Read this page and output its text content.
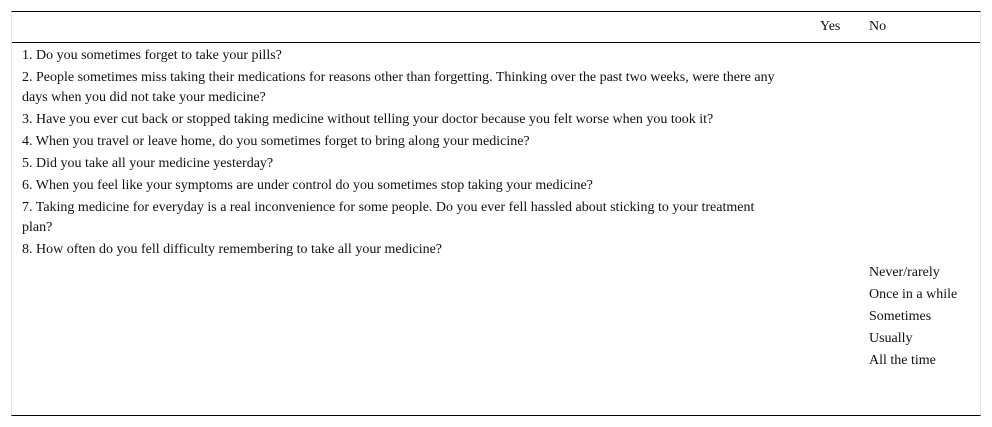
Yes No
1. Do you sometimes forget to take your pills?
2. People sometimes miss taking their medications for reasons other than forgetting. Thinking over the past two weeks, were there any days when you did not take your medicine?
3. Have you ever cut back or stopped taking medicine without telling your doctor because you felt worse when you took it?
4. When you travel or leave home, do you sometimes forget to bring along your medicine?
5. Did you take all your medicine yesterday?
6. When you feel like your symptoms are under control do you sometimes stop taking your medicine?
7. Taking medicine for everyday is a real inconvenience for some people. Do you ever fell hassled about sticking to your treatment plan?
8. How often do you fell difficulty remembering to take all your medicine?
Never/rarely
Once in a while
Sometimes
Usually
All the time
